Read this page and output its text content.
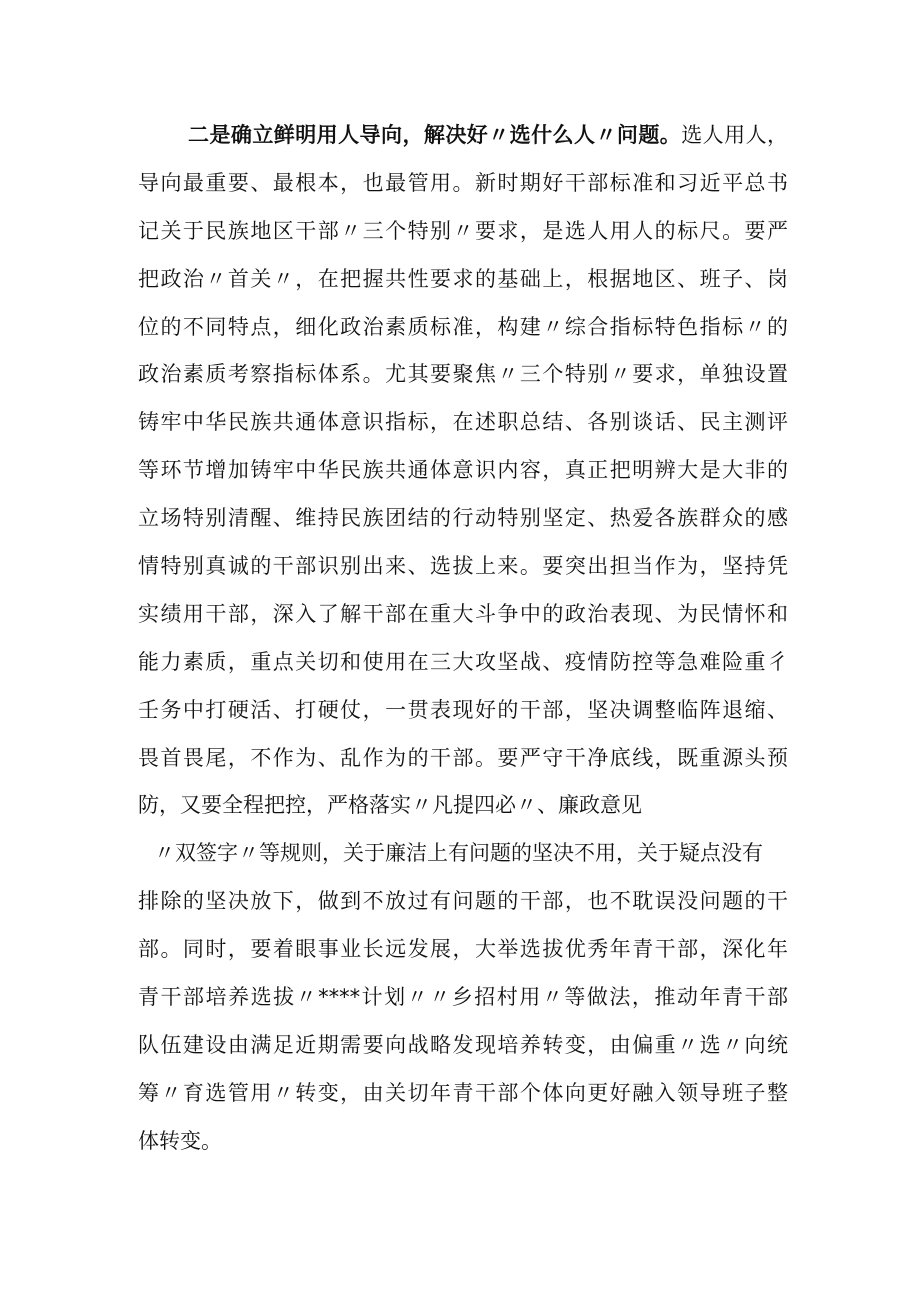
二是确立鲜明用人导向，解决好〃选什么人〃问题。选人用人，
导向最重要、最根本，也最管用。新时期好干部标准和习近平总书
记关于民族地区干部〃三个特别〃要求，是选人用人的标尺。要严
把政治〃首关〃，在把握共性要求的基础上，根据地区、班子、岗
位的不同特点，细化政治素质标准，构建〃综合指标特色指标〃的
政治素质考察指标体系。尤其要聚焦〃三个特别〃要求，单独设置
铸牢中华民族共通体意识指标，在述职总结、各别谈话、民主测评
等环节增加铸牢中华民族共通体意识内容，真正把明辨大是大非的
立场特别清醒、维持民族团结的行动特别坚定、热爱各族群众的感
情特别真诚的干部识别出来、选拔上来。要突出担当作为，坚持凭
实绩用干部，深入了解干部在重大斗争中的政治表现、为民情怀和
能力素质，重点关切和使用在三大攻坚战、疫情防控等急难险重彳
壬务中打硬活、打硬仗，一贯表现好的干部，坚决调整临阵退缩、
畏首畏尾，不作为、乱作为的干部。要严守干净底线，既重源头预
防，又要全程把控，严格落实〃凡提四必〃、廉政意见
〃双签字〃等规则，关于廉洁上有问题的坚决不用，关于疑点没有
排除的坚决放下，做到不放过有问题的干部，也不耽误没问题的干
部。同时，要着眼事业长远发展，大举选拔优秀年青干部，深化年
青干部培养选拔〃****计划〃〃乡招村用〃等做法，推动年青干部
队伍建设由满足近期需要向战略发现培养转变，由偏重〃选〃向统
筹〃育选管用〃转变，由关切年青干部个体向更好融入领导班子整
体转变。
